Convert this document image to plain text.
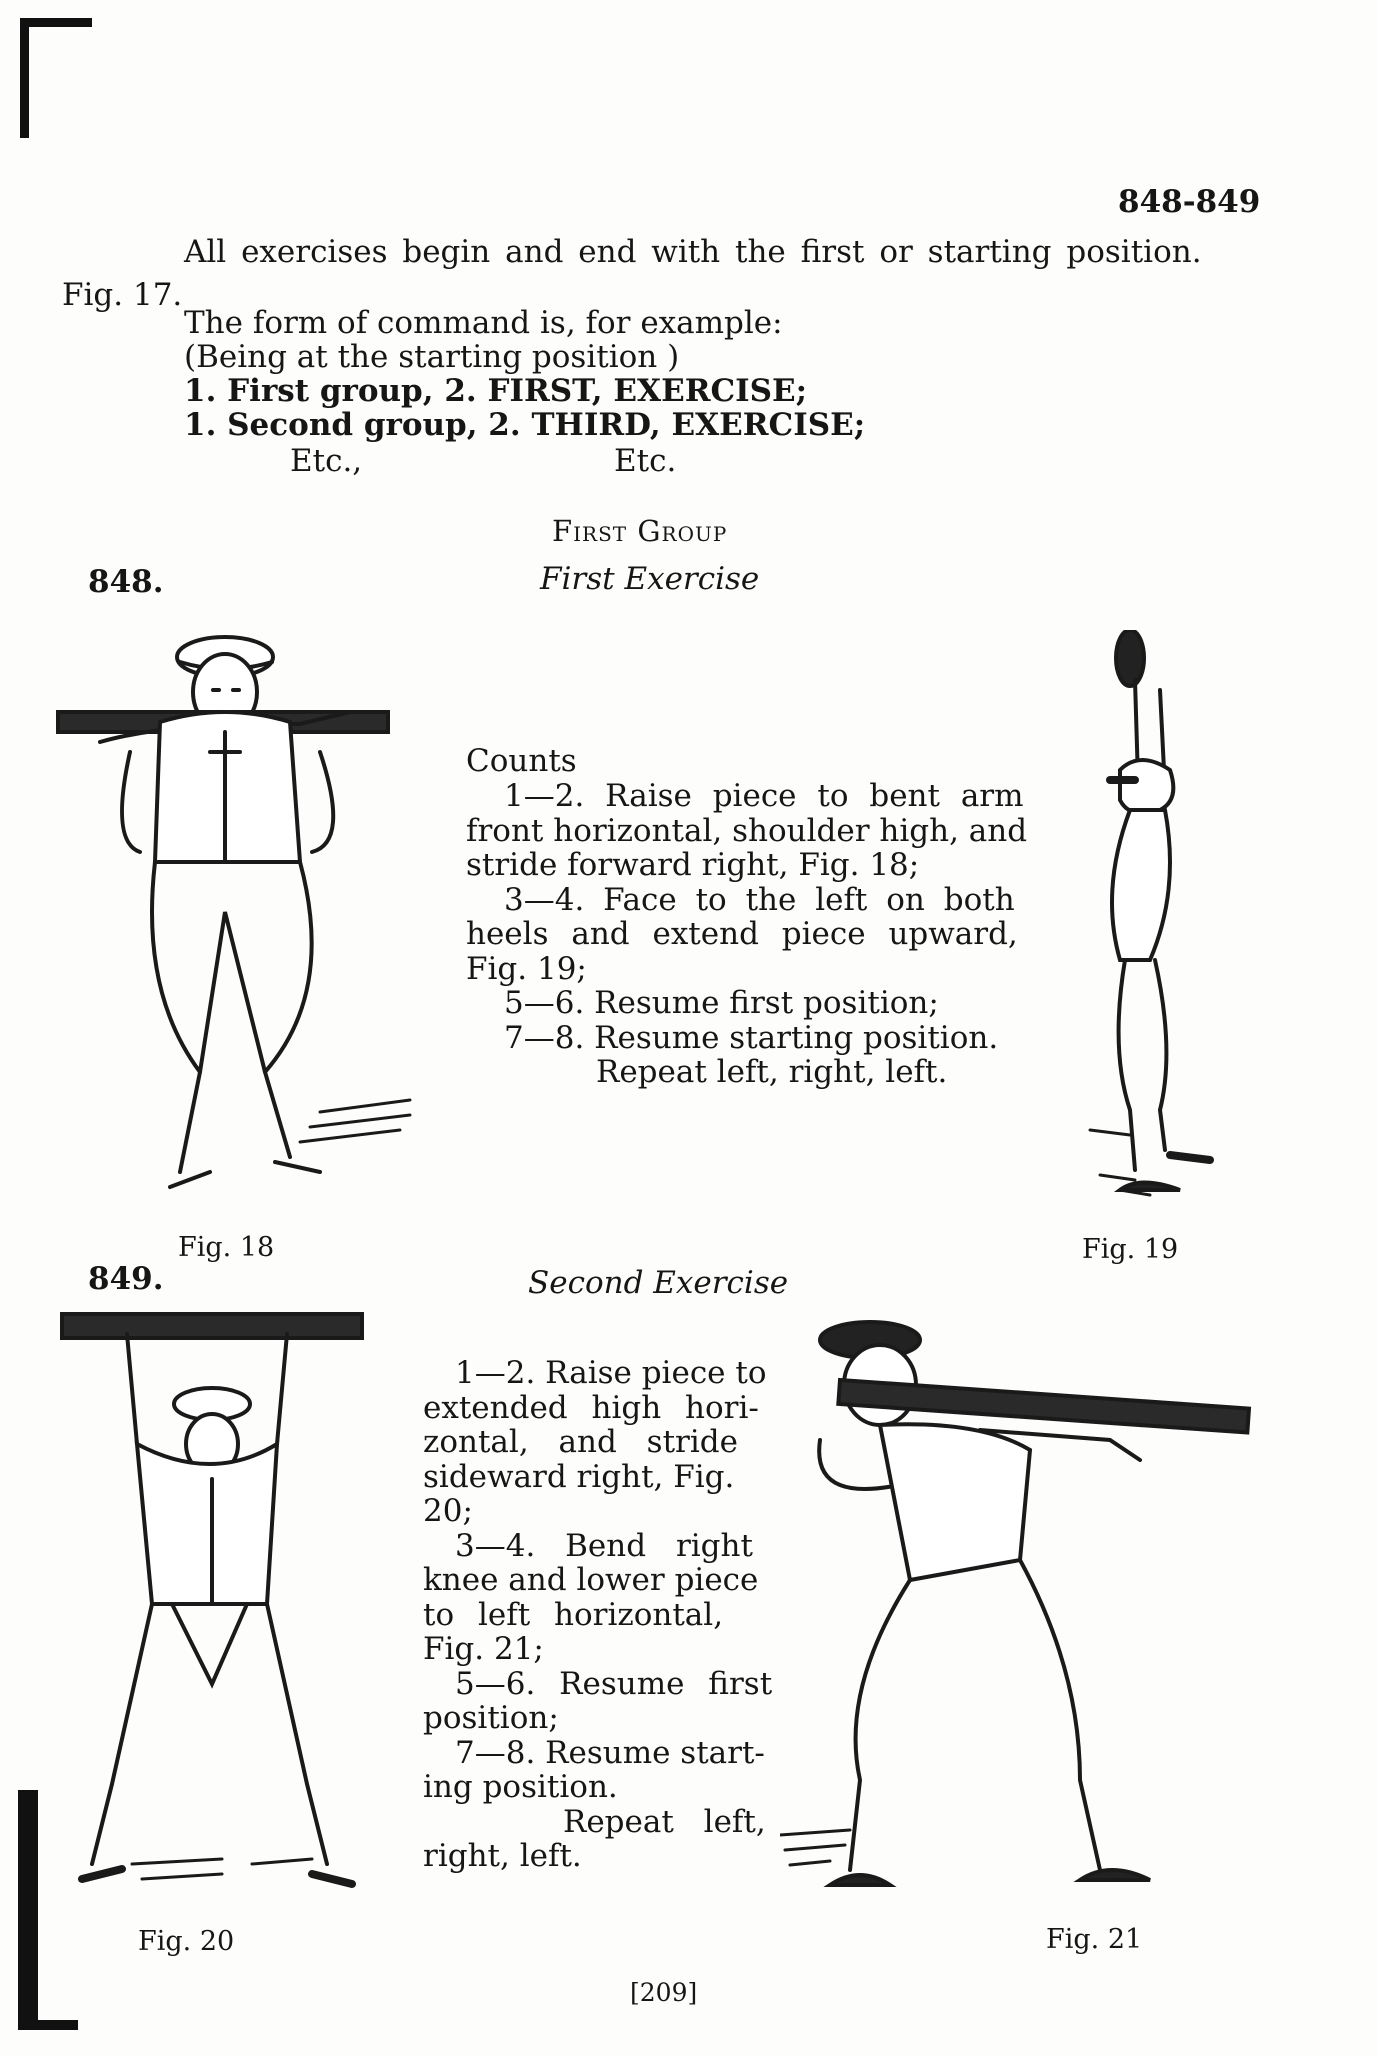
848-849
All exercises begin and end with the first or starting position.
Fig. 17.
The form of command is, for example:
(Being at the starting position )
1. First group, 2. FIRST, EXERCISE;
1. Second group, 2. THIRD, EXERCISE;
Etc.,	Etc.
First Group
848.	First Exercise
Fig. 18
Counts
1—2. Raise piece to bent arm
front horizontal, shoulder high, and
stride forward right, Fig. 18;
3—4. Face to the left on both
heels and extend piece upward,
Fig. 19;
5—6. Resume first position;
7—8. Resume starting position.
Repeat left, right, left.
Fig. 19
849.	Second Exercise
Fig. 20
1—2. Raise piece to
extended high hori-
zontal, and stride
sideward right, Fig.
20;
3—4. Bend right
knee and lower piece
to left horizontal,
Fig. 21;
5—6. Resume first
position;
7—8. Resume start-
ing position.
Repeat left,
right, left.
Fig. 21
[209]
